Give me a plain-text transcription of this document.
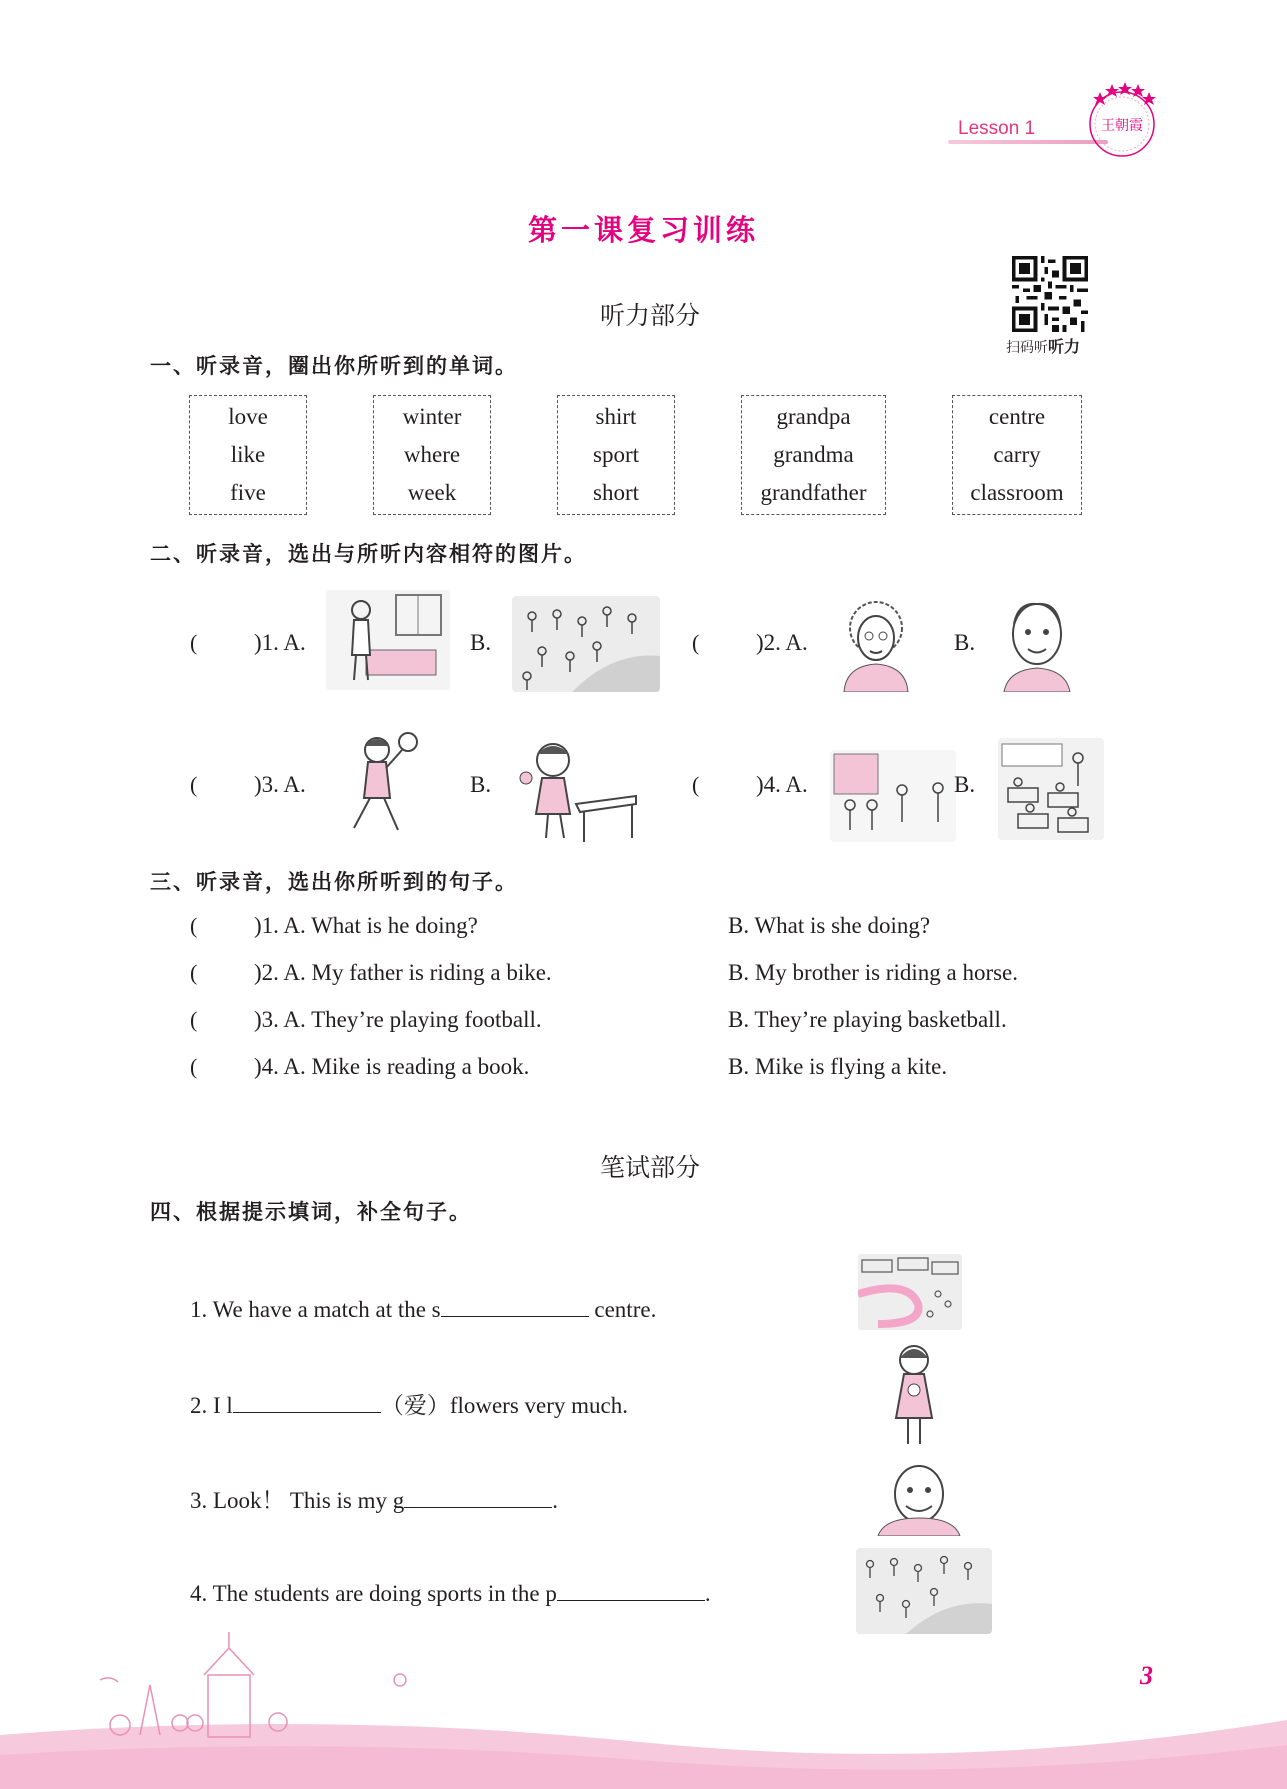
Lesson 1	王朝霞
第一课复习训练
听力部分
扫码听听力
一、听录音，圈出你所听到的单词。
love
like
five
winter
where
week
shirt
sport
short
grandpa
grandma
grandfather
centre
carry
classroom
二、听录音，选出与所听内容相符的图片。
( )1. A.	B.	( )2. A.	B.
( )3. A.	B.	( )4. A.	B.
三、听录音，选出你所听到的句子。
( )1. A. What is he doing?	B. What is she doing?
( )2. A. My father is riding a bike.	B. My brother is riding a horse.
( )3. A. They’re playing football.	B. They’re playing basketball.
( )4. A. Mike is reading a book.	B. Mike is flying a kite.
笔试部分
四、根据提示填词，补全句子。
1. We have a match at the s	centre.
2. I l	（爱）flowers very much.
3. Look！ This is my g	.
4. The students are doing sports in the p	.
3
